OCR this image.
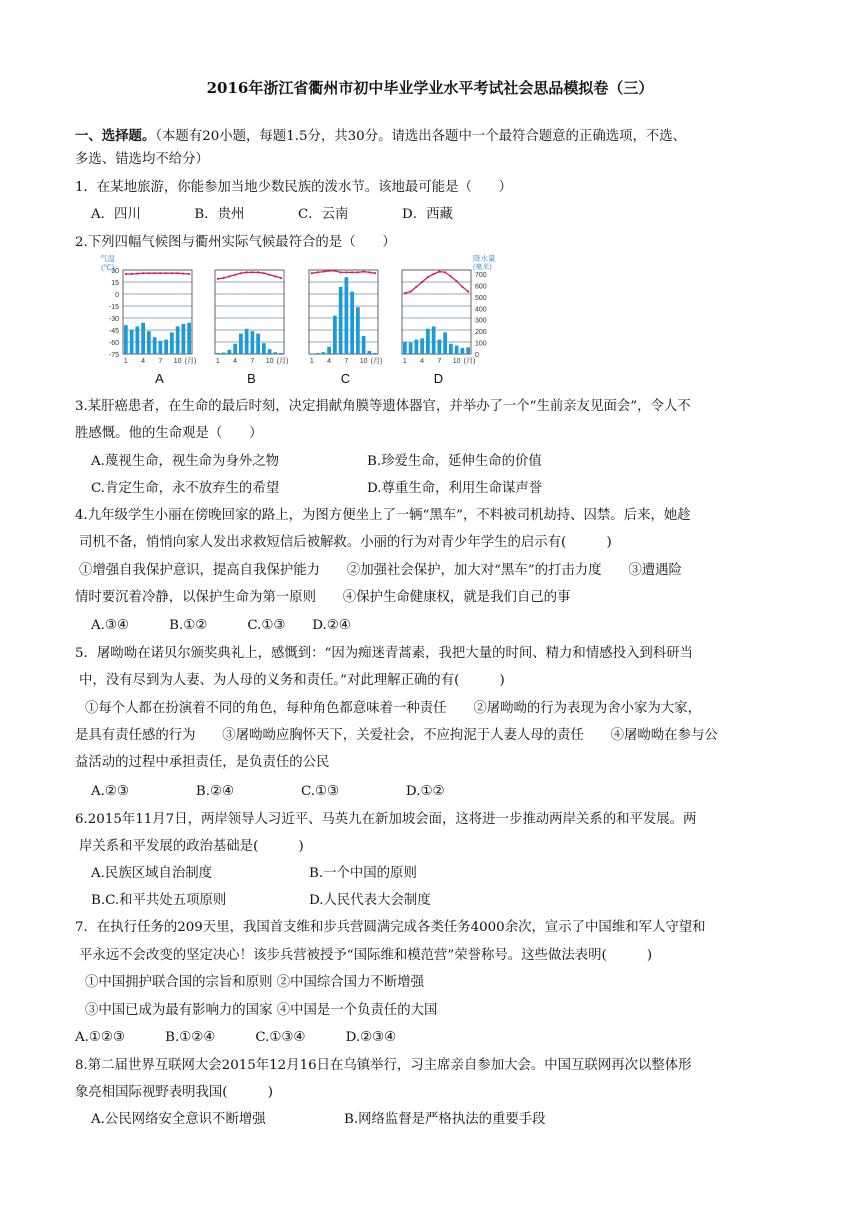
2016年浙江省衢州市初中毕业学业水平考试社会思品模拟卷（三）
一、选择题。（本题有20小题，每题1.5分，共30分。请选出各题中一个最符合题意的正确选项，不选、
多选、错选均不给分）
1．在某地旅游，你能参加当地少数民族的泼水节。该地最可能是（　　）
A．四川　　　　B．贵州　　　　C．云南　　　　D．西藏
2.下列四幅气候图与衢州实际气候最符合的是（　　）
气温
(℃)
30
15
0
-15
-30
-45
-60
-75
降水量
(毫米)
700
600
500
400
300
200
100
0
1 4 7 10 (月)
A
1 4 7 10 (月)
B
1 4 7 10 (月)
C
1 4 7 10 (月)
D
3.某肝癌患者，在生命的最后时刻，决定捐献角膜等遗体器官，并举办了一个“生前亲友见面会”，令人不
胜感慨。他的生命观是（　　）
A.蔑视生命，视生命为身外之物	B.珍爱生命，延伸生命的价值
C.肯定生命，永不放弃生的希望	D.尊重生命，利用生命谋声誉
4.九年级学生小丽在傍晚回家的路上，为图方便坐上了一辆“黑车”，不料被司机劫持、囚禁。后来，她趁
司机不备，悄悄向家人发出求救短信后被解救。小丽的行为对青少年学生的启示有(　　　)
①增强自我保护意识，提高自我保护能力　　②加强社会保护，加大对“黑车”的打击力度　　③遭遇险
情时要沉着冷静，以保护生命为第一原则　　④保护生命健康权，就是我们自己的事
A.③④　　　B.①②　　　C.①③　　D.②④
5．屠呦呦在诺贝尔颁奖典礼上，感慨到：“因为痴迷青蒿素，我把大量的时间、精力和情感投入到科研当
中，没有尽到为人妻、为人母的义务和责任。”对此理解正确的有(　　　)
①每个人都在扮演着不同的角色，每种角色都意味着一种责任　　②屠呦呦的行为表现为舍小家为大家，
是具有责任感的行为　　③屠呦呦应胸怀天下，关爱社会，不应拘泥于人妻人母的责任　　④屠呦呦在参与公
益活动的过程中承担责任，是负责任的公民
A.②③　　　　　B.②④　　　　　C.①③　　　　　D.①②
6.2015年11月7日，两岸领导人习近平、马英九在新加坡会面，这将进一步推动两岸关系的和平发展。两
岸关系和平发展的政治基础是(　　　)
A.民族区域自治制度	B.一个中国的原则
B.C.和平共处五项原则	D.人民代表大会制度
7．在执行任务的209天里，我国首支维和步兵营圆满完成各类任务4000余次，宣示了中国维和军人守望和
平永远不会改变的坚定决心！该步兵营被授予“国际维和模范营”荣誉称号。这些做法表明(　　　)
①中国拥护联合国的宗旨和原则 ②中国综合国力不断增强
③中国已成为最有影响力的国家 ④中国是一个负责任的大国
A.①②③　　　B.①②④　　　C.①③④　　　D.②③④
8.第二届世界互联网大会2015年12月16日在乌镇举行，习主席亲自参加大会。中国互联网再次以整体形
象亮相国际视野表明我国(　　　)
A.公民网络安全意识不断增强	B.网络监督是严格执法的重要手段
